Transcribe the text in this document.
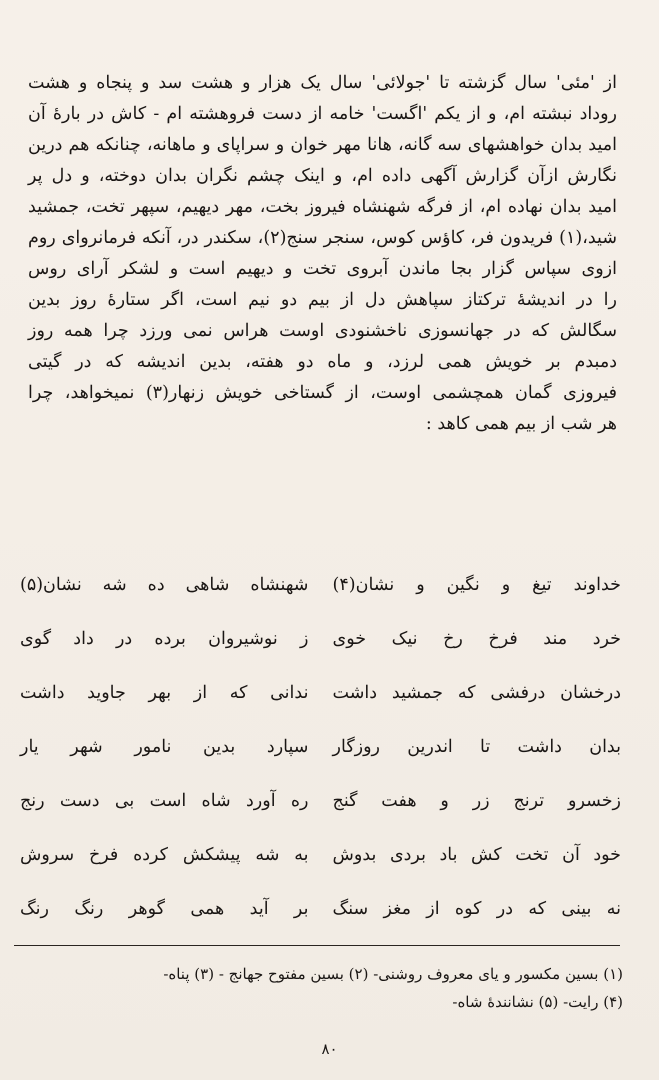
از 'مئی' سال گزشته تا 'جولائی' سال یک هزار و هشت سد و پنجاه و هشت
روداد نبشته ام، و از یکم 'اگست' خامه از دست فروهشته ام - کاش در بارهٔ آن
امید بدان خواهشهای سه گانه، هانا مهر خوان و سراپای و ماهانه، چنانکه هم درین
نگارش ازآن گزارش آگهی داده ام، و اینک چشم نگران بدان دوخته، و دل پر
امید بدان نهاده ام، از فرگه شهنشاه فیروز بخت، مهر دیهیم، سپهر تخت، جمشید
شید،(۱) فریدون فر، کاؤس کوس، سنجر سنج(۲)، سکندر در، آنکه فرمانروای روم
ازوی سپاس گزار بجا ماندن آبروی تخت و دیهیم است و لشکر آرای روس
را در اندیشهٔ ترکتاز سپاهش دل از بیم دو نیم است، اگر ستارهٔ روز بدین
سگالش که در جهانسوزی ناخشنودی اوست هراس نمی ورزد چرا همه روز
دمبدم بر خویش همی لرزد، و ماه دو هفته، بدین اندیشه که در گیتی
فیروزی گمان همچشمی اوست، از گستاخی خویش زنهار(۳) نمیخواهد، چرا
هر شب از بیم همی کاهد :
خداوند تیغ و نگین و نشان(۴)
شهنشاه شاهی ده شه نشان(۵)
خرد مند فرخ رخ نیک خوی
ز نوشیروان برده در داد گوی
درخشان درفشی که جمشید داشت
ندانی که از بهر جاوید داشت
بدان داشت تا اندرین روزگار
سپارد بدین نامور شهر یار
زخسرو ترنج زر و هفت گنج
ره آورد شاه است بی دست رنج
خود آن تخت کش باد بردی بدوش
به شه پیشکش کرده فرخ سروش
نه بینی که در کوه از مغز سنگ
بر آید همی گوهر رنگ رنگ
(۱) بسین مکسور و یای معروف روشنی- (۲) بسین مفتوح جهانج - (۳) پناه-
(۴) رایت- (۵) نشانندهٔ شاه-
۸۰
